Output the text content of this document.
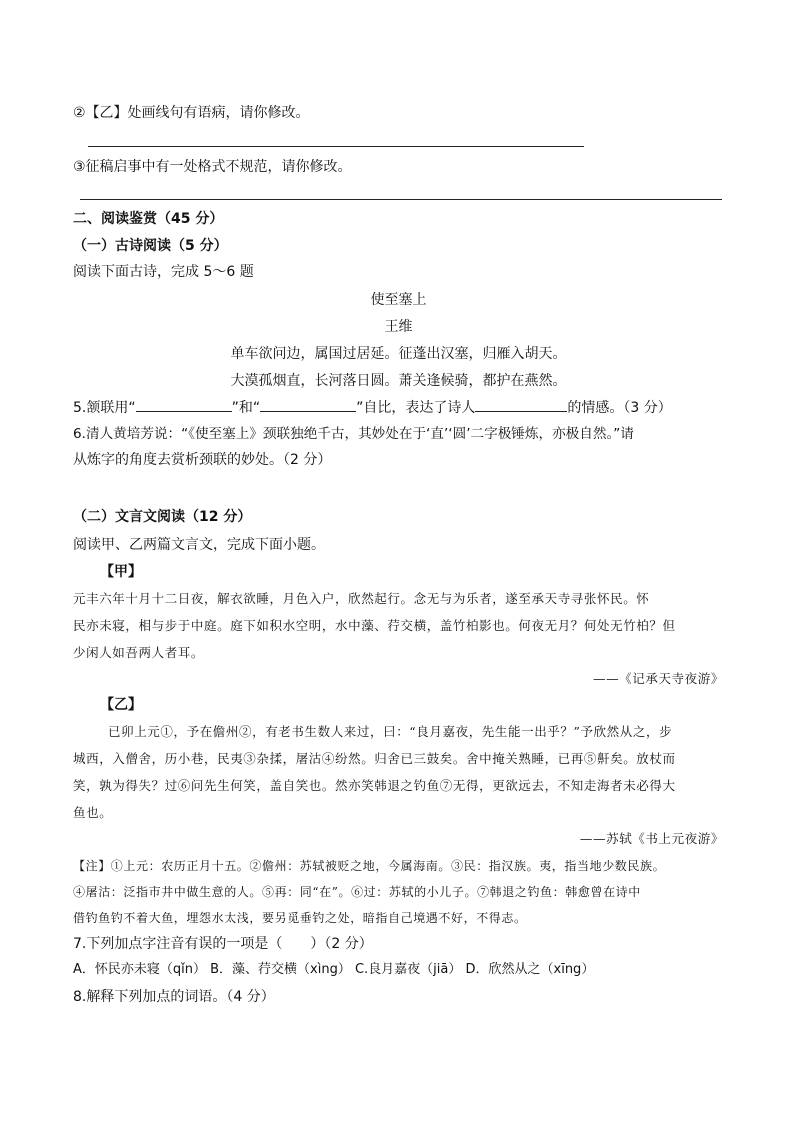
②【乙】处画线句有语病，请你修改。
③征稿启事中有一处格式不规范，请你修改。
二、阅读鉴赏（45 分）
（一）古诗阅读（5 分）
阅读下面古诗，完成 5～6 题
使至塞上
王维
单车欲问边，属国过居延。征蓬出汉塞，归雁入胡天。
大漠孤烟直，长河落日圆。萧关逢候骑，都护在燕然。
5.颔联用“	”和“	”自比，表达了诗人	的情感。（3 分）
6.清人黄培芳说：“《使至塞上》颈联独绝千古，其妙处在于‘直’‘圆’二字极锤炼，亦极自然。”请
从炼字的角度去赏析颈联的妙处。（2 分）
（二）文言文阅读（12 分）
阅读甲、乙两篇文言文，完成下面小题。
【甲】
元丰六年十月十二日夜，解衣欲睡，月色入户，欣然起行。念无与为乐者，遂至承天寺寻张怀民。怀
民亦未寝，相与步于中庭。庭下如积水空明，水中藻、荇交横，盖竹柏影也。何夜无月？何处无竹柏？但
少闲人如吾两人者耳。
——《记承天寺夜游》
【乙】
已卯上元①，予在儋州②，有老书生数人来过，曰：“良月嘉夜，先生能一出乎？”予欣然从之，步
城西，入僧舍，历小巷，民夷③杂揉，屠沽④纷然。归舍已三鼓矣。舍中掩关熟睡，已再⑤鼾矣。放杖而
笑，孰为得失？过⑥问先生何笑，盖自笑也。然亦笑韩退之钓鱼⑦无得，更欲远去，不知走海者未必得大
鱼也。
——苏轼《书上元夜游》
【注】①上元：农历正月十五。②儋州：苏轼被贬之地，今属海南。③民：指汉族。夷，指当地少数民族。
④屠沽：泛指市井中做生意的人。⑤再：同“在”。⑥过：苏轼的小儿子。⑦韩退之钓鱼：韩愈曾在诗中
借钓鱼钓不着大鱼，埋怨水太浅，要另觅垂钓之处，暗指自己境遇不好，不得志。
7.下列加点字注音有误的一项是（　　）（2 分）
A．怀民亦未寝（qǐn） B．藻、荇交横（xìng） C.良月嘉夜（jiā） D．欣然从之（xīng）
8.解释下列加点的词语。（4 分）
